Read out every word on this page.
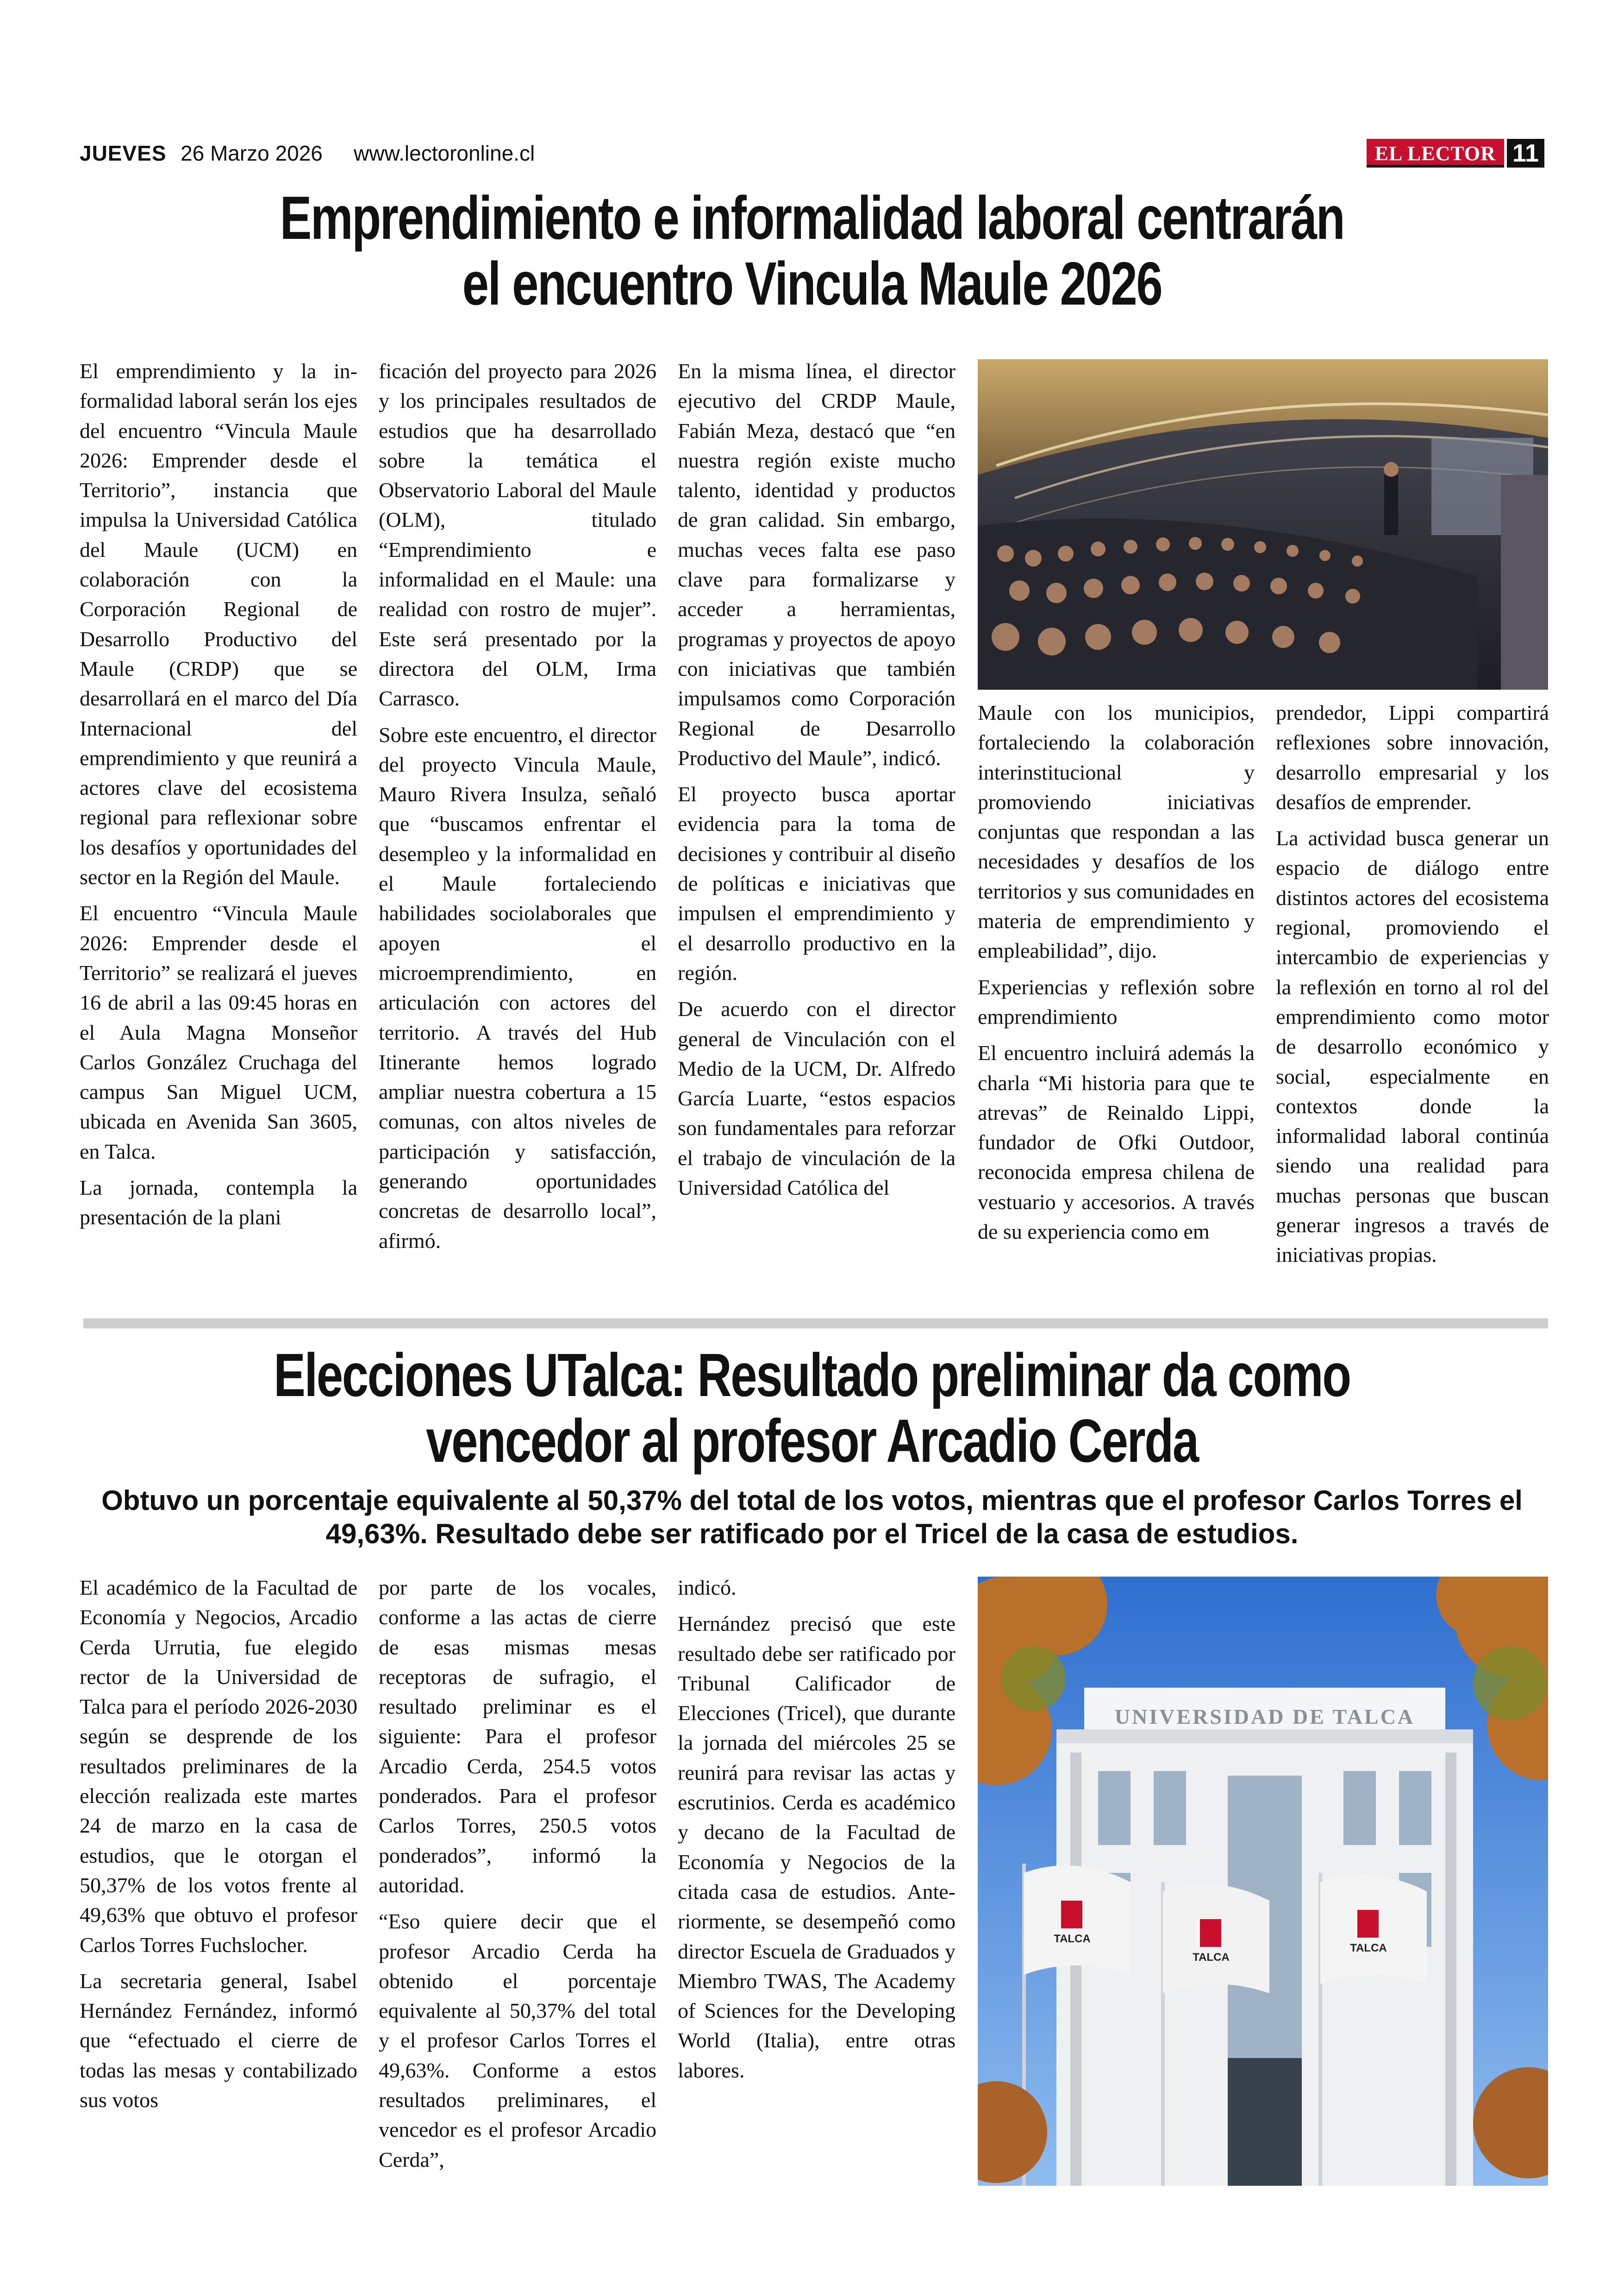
JUEVES 26 Marzo 2026 www.lectoronline.cl	EL LECTOR 11
Emprendimiento e informalidad laboral centrarán
el encuentro Vincula Maule 2026

El emprendimiento y la informalidad laboral serán los ejes del encuentro “Vincula Maule 2026: Emprender desde el Territorio”, instancia que impulsa la Universidad Católica del Maule (UCM) en colaboración con la Corporación Regional de Desarrollo Productivo del Maule (CRDP) que se desarrollará en el marco del Día Internacional del emprendimiento y que reunirá a actores clave del ecosistema regional para reflexionar sobre los desafíos y oportunidades del sector en la Región del Maule.

El encuentro “Vincula Maule 2026: Emprender desde el Territorio” se realizará el jueves 16 de abril a las 09:45 horas en el Aula Magna Monseñor Carlos González Cruchaga del campus San Miguel UCM, ubicada en Avenida San 3605, en Talca.

La jornada, contempla la presentación de la plani

ficación del proyecto para 2026 y los principales resultados de estudios que ha desarrollado sobre la temática el Observatorio Laboral del Maule (OLM), titulado “Emprendimiento e informalidad en el Maule: una realidad con rostro de mujer”. Este será presentado por la directora del OLM, Irma Carrasco.

Sobre este encuentro, el director del proyecto Vincula Maule, Mauro Rivera Insulza, señaló que “buscamos enfrentar el desempleo y la informalidad en el Maule fortaleciendo habilidades sociolaborales que apoyen el microemprendimiento, en articulación con actores del territorio. A través del Hub Itinerante hemos logrado ampliar nuestra cobertura a 15 comunas, con altos niveles de participación y satisfacción, generando oportunidades concretas de desarrollo local”, afirmó.

En la misma línea, el director ejecutivo del CRDP Maule, Fabián Meza, destacó que “en nuestra región existe mucho talento, identidad y productos de gran calidad. Sin embargo, muchas veces falta ese paso clave para formalizarse y acceder a herramientas, programas y proyectos de apoyo con iniciativas que también impulsamos como Corporación Regional de Desarrollo Productivo del Maule”, indicó.

El proyecto busca aportar evidencia para la toma de decisiones y contribuir al diseño de políticas e iniciativas que impulsen el emprendimiento y el desarrollo productivo en la región.

De acuerdo con el director general de Vinculación con el Medio de la UCM, Dr. Alfredo García Luarte, “estos espacios son fundamentales para reforzar el trabajo de vinculación de la Universidad Católica del

Maule con los municipios, fortaleciendo la colaboración interinstitucional y promoviendo iniciativas conjuntas que respondan a las necesidades y desafíos de los territorios y sus comunidades en materia de emprendimiento y empleabilidad”, dijo.

Experiencias y reflexión sobre emprendimiento

El encuentro incluirá además la charla “Mi historia para que te atrevas” de Reinaldo Lippi, fundador de Ofki Outdoor, reconocida empresa chilena de vestuario y accesorios. A través de su experiencia como em

prendedor, Lippi compartirá reflexiones sobre innovación, desarrollo empresarial y los desafíos de emprender.

La actividad busca generar un espacio de diálogo entre distintos actores del ecosistema regional, promoviendo el intercambio de experiencias y la reflexión en torno al rol del emprendimiento como motor de desarrollo económico y social, especialmente en contextos donde la informalidad laboral continúa siendo una realidad para muchas personas que buscan generar ingresos a través de iniciativas propias.

Elecciones UTalca: Resultado preliminar da como
vencedor al profesor Arcadio Cerda
Obtuvo un porcentaje equivalente al 50,37% del total de los votos, mientras que el profesor Carlos Torres el 49,63%. Resultado debe ser ratificado por el Tricel de la casa de estudios.

El académico de la Facultad de Economía y Negocios, Arcadio Cerda Urrutia, fue elegido rector de la Universidad de Talca para el período 2026-2030 según se desprende de los resultados preliminares de la elección realizada este martes 24 de marzo en la casa de estudios, que le otorgan el 50,37% de los votos frente al 49,63% que obtuvo el profesor Carlos Torres Fuchslocher.

La secretaria general, Isabel Hernández Fernández, informó que “efectuado el cierre de todas las mesas y contabilizado sus votos

por parte de los vocales, conforme a las actas de cierre de esas mismas mesas receptoras de sufragio, el resultado preliminar es el siguiente: Para el profesor Arcadio Cerda, 254.5 votos ponderados. Para el profesor Carlos Torres, 250.5 votos ponderados”, informó la autoridad.

“Eso quiere decir que el profesor Arcadio Cerda ha obtenido el porcentaje equivalente al 50,37% del total y el profesor Carlos Torres el 49,63%. Conforme a estos resultados preliminares, el vencedor es el profesor Arcadio Cerda”,

indicó.

Hernández precisó que este resultado debe ser ratificado por Tribunal Calificador de Elecciones (Tricel), que durante la jornada del miércoles 25 se reunirá para revisar las actas y escrutinios. Cerda es académico y decano de la Facultad de Economía y Negocios de la citada casa de estudios. Anteriormente, se desempeñó como director Escuela de Graduados y Miembro TWAS, The Academy of Sciences for the Developing World (Italia), entre otras labores.

UNIVERSIDAD DE TALCA
TALCA
TALCA
TALCA
